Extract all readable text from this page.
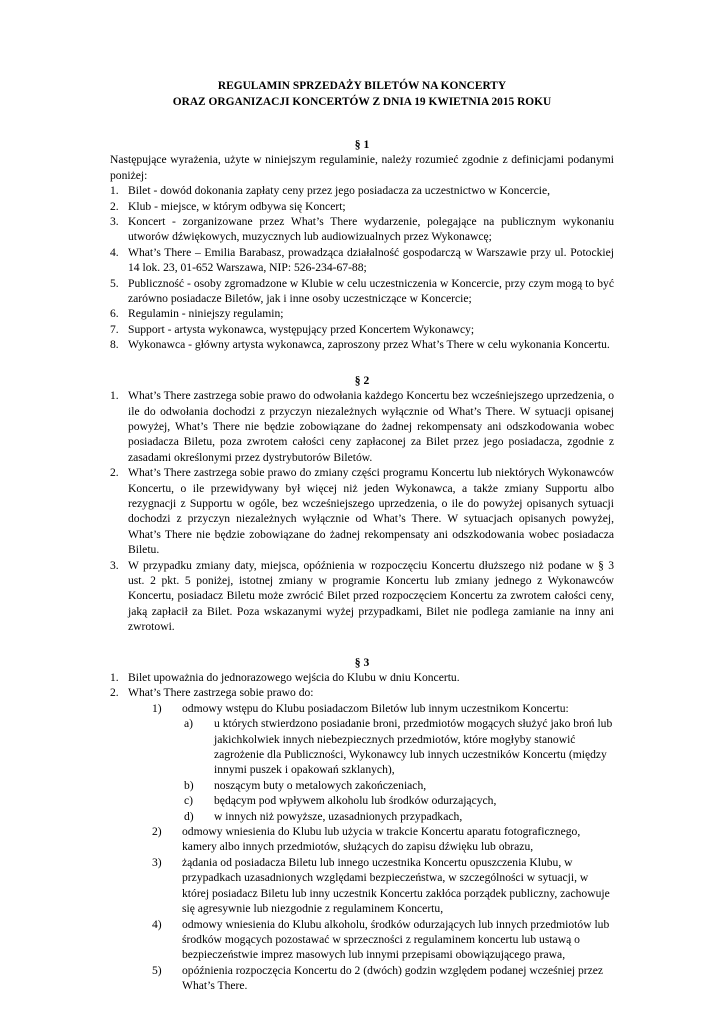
REGULAMIN SPRZEDAŻY BILETÓW NA KONCERTY

ORAZ ORGANIZACJI KONCERTÓW Z DNIA 19 KWIETNIA 2015 ROKU

§ 1

Następujące wyrażenia, użyte w niniejszym regulaminie, należy rozumieć zgodnie z definicjami podanymi poniżej:

1. Bilet - dowód dokonania zapłaty ceny przez jego posiadacza za uczestnictwo w Koncercie,
2. Klub - miejsce, w którym odbywa się Koncert;
3. Koncert - zorganizowane przez What’s There wydarzenie, polegające na publicznym wykonaniu utworów dźwiękowych, muzycznych lub audiowizualnych przez Wykonawcę;
4. What’s There – Emilia Barabasz, prowadząca działalność gospodarczą w Warszawie przy ul. Potockiej 14 lok. 23, 01-652 Warszawa, NIP: 526-234-67-88;
5. Publiczność - osoby zgromadzone w Klubie w celu uczestniczenia w Koncercie, przy czym mogą to być zarówno posiadacze Biletów, jak i inne osoby uczestniczące w Koncercie;
6. Regulamin - niniejszy regulamin;
7. Support - artysta wykonawca, występujący przed Koncertem Wykonawcy;
8. Wykonawca - główny artysta wykonawca, zaproszony przez What’s There w celu wykonania Koncertu.

§ 2

1. What’s There zastrzega sobie prawo do odwołania każdego Koncertu bez wcześniejszego uprzedzenia, o ile do odwołania dochodzi z przyczyn niezależnych wyłącznie od What’s There. W sytuacji opisanej powyżej, What’s There nie będzie zobowiązane do żadnej rekompensaty ani odszkodowania wobec posiadacza Biletu, poza zwrotem całości ceny zapłaconej za Bilet przez jego posiadacza, zgodnie z zasadami określonymi przez dystrybutorów Biletów.
2. What’s There zastrzega sobie prawo do zmiany części programu Koncertu lub niektórych Wykonawców Koncertu, o ile przewidywany był więcej niż jeden Wykonawca, a także zmiany Supportu albo rezygnacji z Supportu w ogóle, bez wcześniejszego uprzedzenia, o ile do powyżej opisanych sytuacji dochodzi z przyczyn niezależnych wyłącznie od What’s There. W sytuacjach opisanych powyżej, What’s There nie będzie zobowiązane do żadnej rekompensaty ani odszkodowania wobec posiadacza Biletu.
3. W przypadku zmiany daty, miejsca, opóźnienia w rozpoczęciu Koncertu dłuższego niż podane w § 3 ust. 2 pkt. 5 poniżej, istotnej zmiany w programie Koncertu lub zmiany jednego z Wykonawców Koncertu, posiadacz Biletu może zwrócić Bilet przed rozpoczęciem Koncertu za zwrotem całości ceny, jaką zapłacił za Bilet. Poza wskazanymi wyżej przypadkami, Bilet nie podlega zamianie na inny ani zwrotowi.

§ 3

1. Bilet upoważnia do jednorazowego wejścia do Klubu w dniu Koncertu.
2. What’s There zastrzega sobie prawo do:
1) odmowy wstępu do Klubu posiadaczom Biletów lub innym uczestnikom Koncertu:
a) u których stwierdzono posiadanie broni, przedmiotów mogących służyć jako broń lub jakichkolwiek innych niebezpiecznych przedmiotów, które mogłyby stanowić zagrożenie dla Publiczności, Wykonawcy lub innych uczestników Koncertu (między innymi puszek i opakowań szklanych),
b) noszącym buty o metalowych zakończeniach,
c) będącym pod wpływem alkoholu lub środków odurzających,
d) w innych niż powyższe, uzasadnionych przypadkach,
2) odmowy wniesienia do Klubu lub użycia w trakcie Koncertu aparatu fotograficznego, kamery albo innych przedmiotów, służących do zapisu dźwięku lub obrazu,
3) żądania od posiadacza Biletu lub innego uczestnika Koncertu opuszczenia Klubu, w przypadkach uzasadnionych względami bezpieczeństwa, w szczególności w sytuacji, w której posiadacz Biletu lub inny uczestnik Koncertu zakłóca porządek publiczny, zachowuje się agresywnie lub niezgodnie z regulaminem Koncertu,
4) odmowy wniesienia do Klubu alkoholu, środków odurzających lub innych przedmiotów lub środków mogących pozostawać w sprzeczności z regulaminem koncertu lub ustawą o bezpieczeństwie imprez masowych lub innymi przepisami obowiązującego prawa,
5) opóźnienia rozpoczęcia Koncertu do 2 (dwóch) godzin względem podanej wcześniej przez What’s There.
